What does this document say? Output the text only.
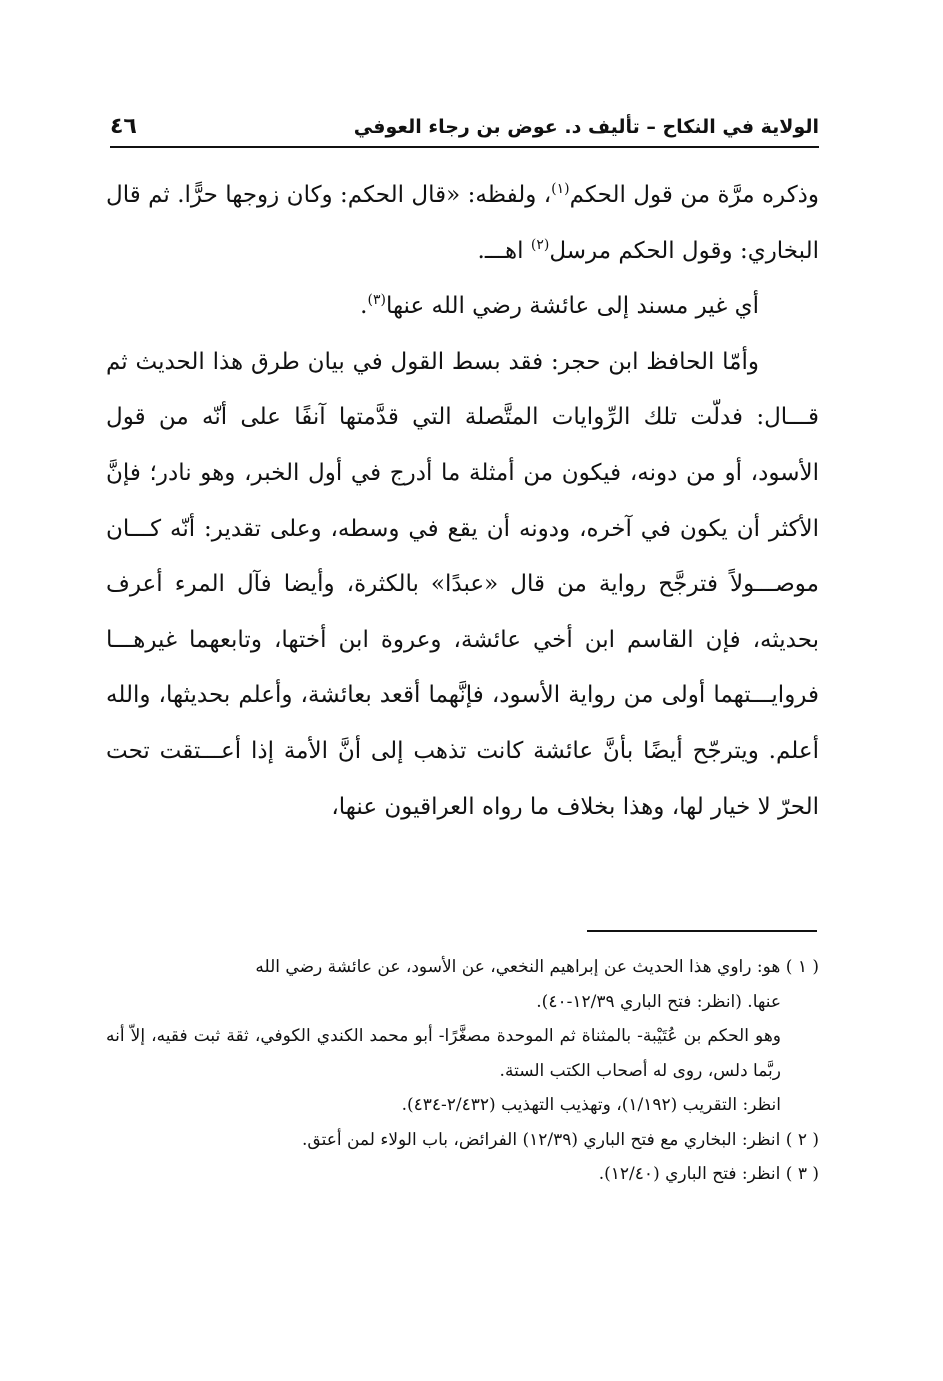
الولاية في النكاح – تأليف د. عوض بن رجاء العوفي
٤٦

وذكره مرَّة من قول الحكم$^{(١)}$، ولفظه: «قال الحكم: وكان زوجها حرًّا. ثم قال البخاري: وقول الحكم مرسل$^{(٢)}$ اهـــ.

أي غير مسند إلى عائشة رضي الله عنها$^{(٣)}$.

وأمّا الحافظ ابن حجر: فقد بسط القول في بيان طرق هذا الحديث ثم قـــال: فدلّت تلك الرِّوايات المتَّصلة التي قدَّمتها آنفًا على أنّه من قول الأسود، أو من دونه، فيكون من أمثلة ما أدرج في أول الخبر، وهو نادر؛ فإنَّ الأكثر أن يكون في آخره، ودونه أن يقع في وسطه، وعلى تقدير: أنّه كـــان موصـــولاً فترجَّح رواية من قال «عبدًا» بالكثرة، وأيضا فآل المرء أعرف بحديثه، فإن القاسم ابن أخي عائشة، وعروة ابن أختها، وتابعهما غيرهـــا فروايـــتهما أولى من رواية الأسود، فإنَّهما أقعد بعائشة، وأعلم بحديثها، والله أعلم. ويترجّح أيضًا بأنَّ عائشة كانت تذهب إلى أنَّ الأمة إذا أعـــتقت تحت الحرّ لا خيار لها، وهذا بخلاف ما رواه العراقيون عنها،

( ١ ) هو: راوي هذا الحديث عن إبراهيم النخعي، عن الأسود، عن عائشة رضي الله

عنها. (انظر: فتح الباري ١٢/٣٩-٤٠).

وهو الحكم بن عُتَيْبة- بالمثناة ثم الموحدة مصغَّرًا- أبو محمد الكندي الكوفي، ثقة ثبت فقيه، إلاّ أنه ربَّما دلس، روى له أصحاب الكتب الستة.

انظر: التقريب (١/١٩٢)، وتهذيب التهذيب (٢/٤٣٢-٤٣٤).

( ٢ ) انظر: البخاري مع فتح الباري (١٢/٣٩) الفرائض، باب الولاء لمن أعتق.

( ٣ ) انظر: فتح الباري (١٢/٤٠).
